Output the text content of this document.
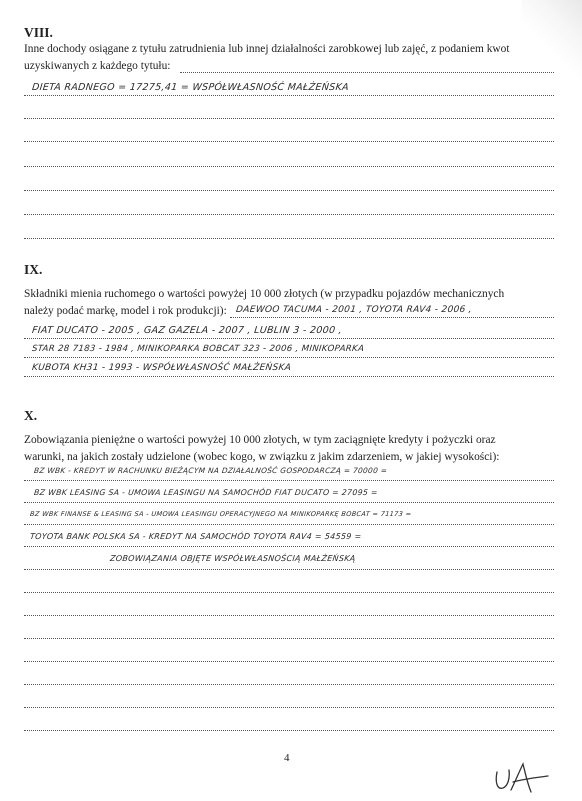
VIII.
Inne dochody osiągane z tytułu zatrudnienia lub innej działalności zarobkowej lub zajęć, z podaniem kwot
uzyskiwanych z każdego tytułu:
DIETA RADNEGO = 17275,41 = WSPÓŁWŁASNOŚĆ MAŁŻEŃSKA
IX.
Składniki mienia ruchomego o wartości powyżej 10 000 złotych (w przypadku pojazdów mechanicznych
należy podać markę, model i rok produkcji): DAEWOO TACUMA - 2001 , TOYOTA RAV4 - 2006 ,
FIAT DUCATO - 2005 , GAZ GAZELA - 2007 , LUBLIN 3 - 2000 ,
STAR 28 7183 - 1984 , MINIKOPARKA BOBCAT 323 - 2006 , MINIKOPARKA
KUBOTA KH31 - 1993 - WSPÓŁWŁASNOŚĆ MAŁŻEŃSKA
X.
Zobowiązania pieniężne o wartości powyżej 10 000 złotych, w tym zaciągnięte kredyty i pożyczki oraz
warunki, na jakich zostały udzielone (wobec kogo, w związku z jakim zdarzeniem, w jakiej wysokości):
BZ WBK - KREDYT W RACHUNKU BIEŻĄCYM NA DZIAŁALNOŚĆ GOSPODARCZĄ = 70000 =
BZ WBK LEASING SA - UMOWA LEASINGU NA SAMOCHÓD FIAT DUCATO = 27095 =
BZ WBK FINANSE & LEASING SA - UMOWA LEASINGU OPERACYJNEGO NA MINIKOPARKĘ BOBCAT = 71173 =
TOYOTA BANK POLSKA SA - KREDYT NA SAMOCHÓD TOYOTA RAV4 = 54559 =
ZOBOWIĄZANIA OBJĘTE WSPÓŁWŁASNOŚCIĄ MAŁŻEŃSKĄ
4
